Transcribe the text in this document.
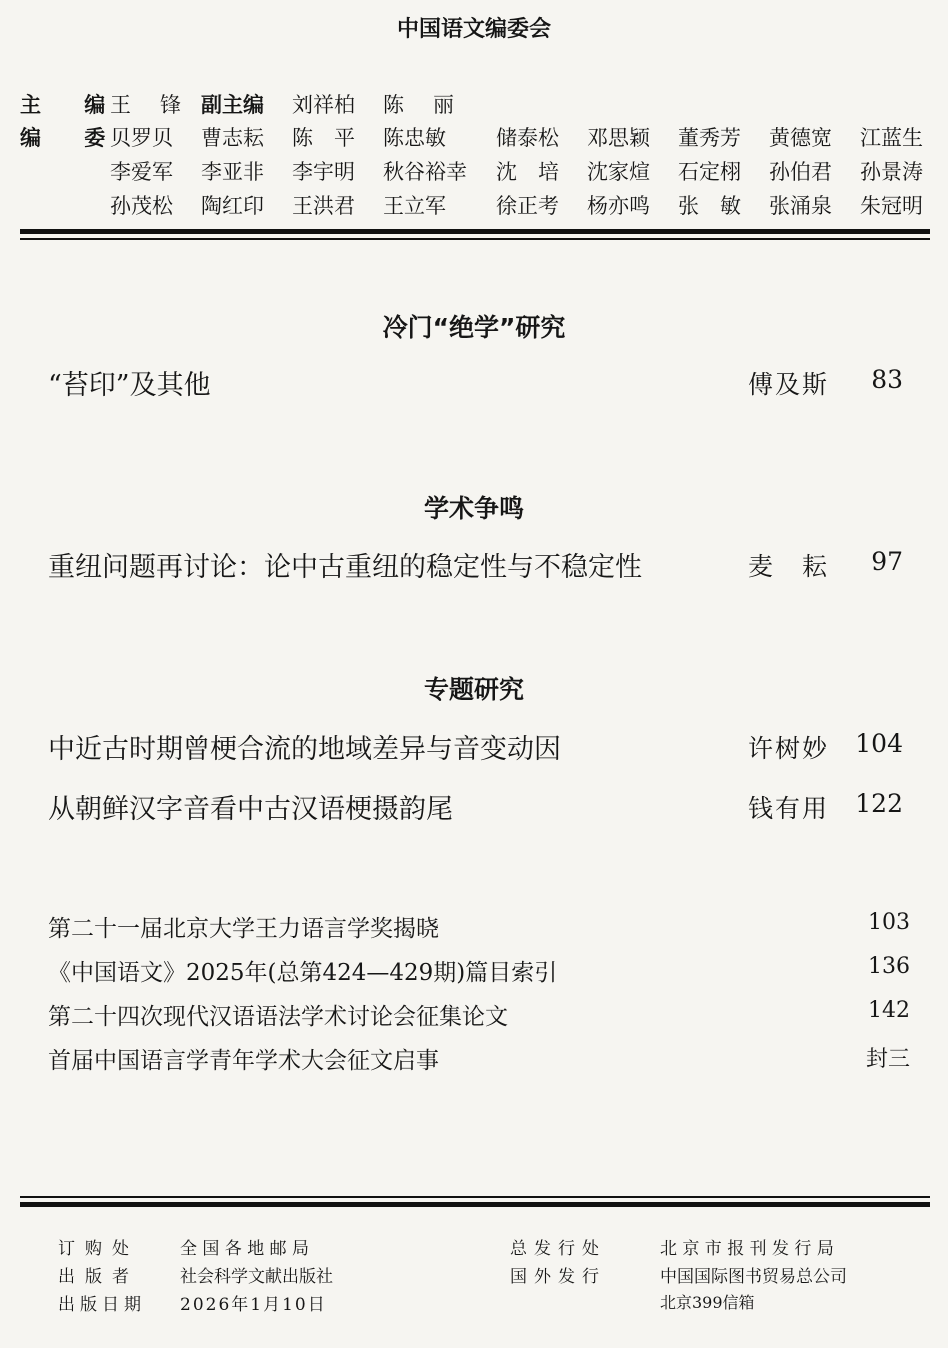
中国语文编委会
主 编
王　锋 副主编 刘祥柏 陈　丽
编 委
贝罗贝 曹志耘 陈　平 陈忠敏 储泰松 邓思颖 董秀芳 黄德宽 江蓝生
李爱军 李亚非 李宇明 秋谷裕幸 沈　培 沈家煊 石定栩 孙伯君 孙景涛
孙茂松 陶红印 王洪君 王立军 徐正考 杨亦鸣 张　敏 张涌泉 朱冠明
冷门“绝学”研究
“苔印”及其他	傅及斯 83
学术争鸣
重纽问题再讨论：论中古重纽的稳定性与不稳定性	麦　耘 97
专题研究
中近古时期曾梗合流的地域差异与音变动因	许树妙 104
从朝鲜汉字音看中古汉语梗摄韵尾	钱有用 122
第二十一届北京大学王力语言学奖揭晓	103
《中国语文》2025年(总第424—429期)篇目索引	136
第二十四次现代汉语语法学术讨论会征集论文	142
首届中国语言学青年学术大会征文启事	封三
订购处 全 国 各 地 邮 局
出版者 社会科学文献出版社
出版日期 2026年1月10日
总发行处	北 京 市 报 刊 发 行 局
国外发行	中国国际图书贸易总公司
北京399信箱
